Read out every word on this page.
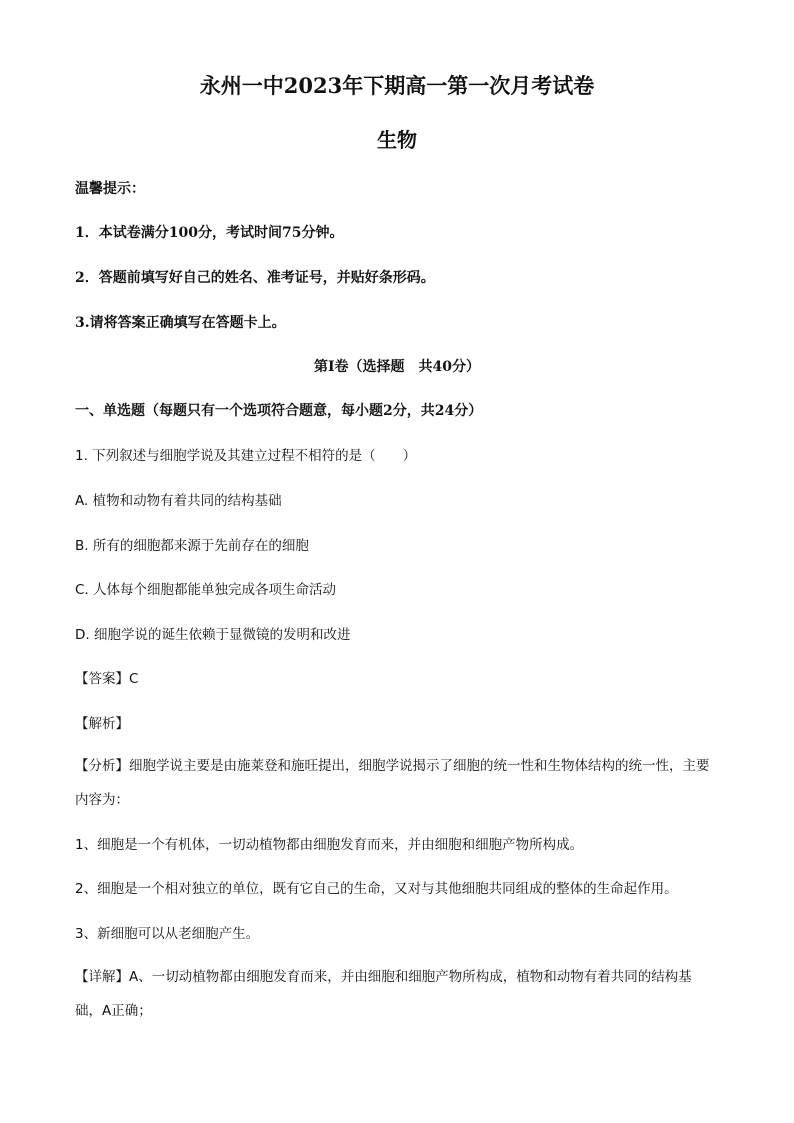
永州一中2023年下期高一第一次月考试卷
生物
温馨提示：
1．本试卷满分100分，考试时间75分钟。
2．答题前填写好自己的姓名、准考证号，并贴好条形码。
3.请将答案正确填写在答题卡上。
第I卷（选择题　共40分）
一、单选题（每题只有一个选项符合题意，每小题2分，共24分）
1. 下列叙述与细胞学说及其建立过程不相符的是（　　）
A. 植物和动物有着共同的结构基础
B. 所有的细胞都来源于先前存在的细胞
C. 人体每个细胞都能单独完成各项生命活动
D. 细胞学说的诞生依赖于显微镜的发明和改进
【答案】C
【解析】
【分析】细胞学说主要是由施莱登和施旺提出，细胞学说揭示了细胞的统一性和生物体结构的统一性，主要内容为：
1、细胞是一个有机体，一切动植物都由细胞发育而来，并由细胞和细胞产物所构成。
2、细胞是一个相对独立的单位，既有它自己的生命，又对与其他细胞共同组成的整体的生命起作用。
3、新细胞可以从老细胞产生。
【详解】A、一切动植物都由细胞发育而来，并由细胞和细胞产物所构成，植物和动物有着共同的结构基础，A正确；
